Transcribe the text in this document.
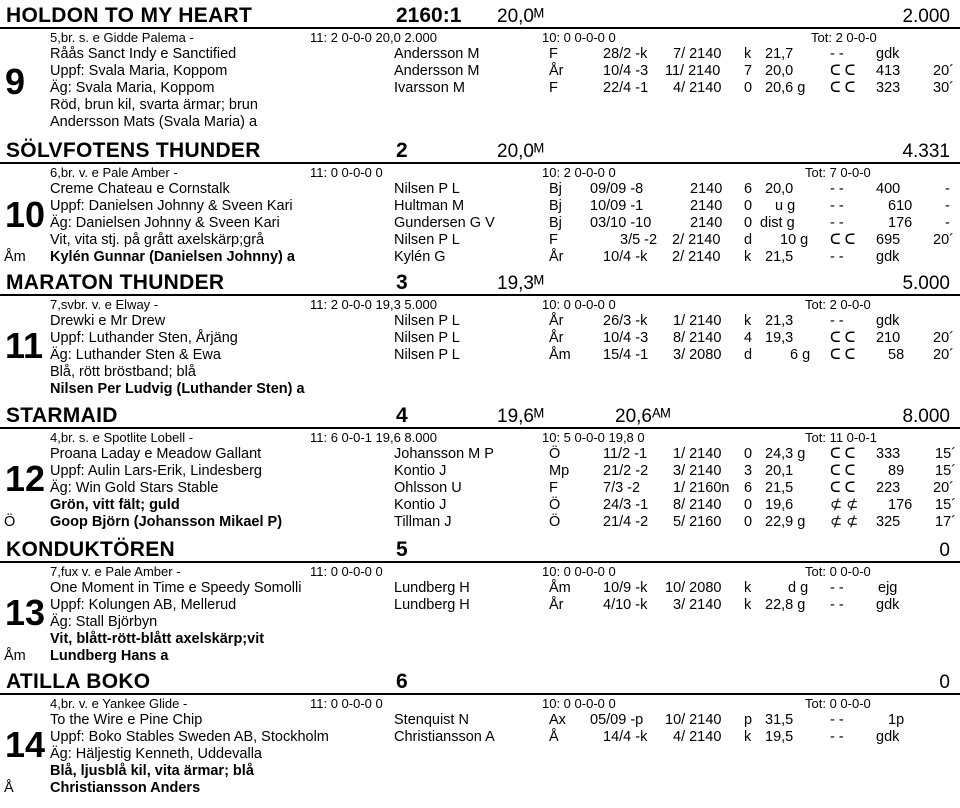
HOLDON TO MY HEART	2160:1 20,0ᴹ	2.000
5,br. s. e Gidde Palema -	11: 2 0-0-0 20,0 2.000	10: 0 0-0-0 0	Tot: 2 0-0-0
9
Råås Sanct Indy e Sanctified	Andersson M	F	28/2 -k 7/ 2140 k 21,7	- - gdk
Uppf: Svala Maria, Koppom	Andersson M	År	10/4 -3 11/ 2140 7 20,0	ᑕ ᑕ 413 20´
Äg: Svala Maria, Koppom	Ivarsson M	F	22/4 -1 4/ 2140 0 20,6 g ᑕ ᑕ 323 30´
Röd, brun kil, svarta ärmar; brun
Andersson Mats (Svala Maria) a
SÖLVFOTENS THUNDER	2	20,0ᴹ	4.331
6,br. v. e Pale Amber -	11: 0 0-0-0 0	10: 2 0-0-0 0	Tot: 7 0-0-0
10
Creme Chateau e Cornstalk	Nilsen P L	Bj 09/09 -8	2140 6 20,0	- - 400	-
Uppf: Danielsen Johnny & Sveen Kari	Hultman M	Bj 10/09 -1	2140 0 u g - -	610 -
Äg: Danielsen Johnny & Sveen Kari	Gundersen G V	Bj 03/10 -10	2140 0 dist g - -	176 -
Vit, vita stj. på grått axelskärp;grå	Nilsen P L	F	3/5 -2 2/ 2140 d 10 g ᑕ ᑕ 695 20´
Åm Kylén Gunnar (Danielsen Johnny) a	Kylén G	År	10/4 -k 2/ 2140 k 21,5	- - gdk
MARATON THUNDER	3	19,3ᴹ	5.000
7,svbr. v. e Elway -	11: 2 0-0-0 19,3 5.000	10: 0 0-0-0 0	Tot: 2 0-0-0
11
Drewki e Mr Drew	Nilsen P L	År	26/3 -k 1/ 2140 k 21,3	- - gdk
Uppf: Luthander Sten, Årjäng	Nilsen P L	År	10/4 -3 8/ 2140 4 19,3	ᑕ ᑕ 210 20´
Äg: Luthander Sten & Ewa	Nilsen P L	Åm 15/4 -1 3/ 2080 d	6 g ᑕ ᑕ 58 20´
Blå, rött bröstband; blå
Nilsen Per Ludvig (Luthander Sten) a
STARMAID	4	19,6ᴹ	20,6ᴬᴹ	8.000
4,br. s. e Spotlite Lobell -	11: 6 0-0-1 19,6 8.000	10: 5 0-0-0 19,8 0	Tot: 11 0-0-1
12
Proana Laday e Meadow Gallant	Johansson M P	Ö	11/2 -1 1/ 2140 0 24,3 g ᑕ ᑕ 333 15´
Uppf: Aulin Lars-Erik, Lindesberg	Kontio J	Mp 21/2 -2 3/ 2140 3 20,1	ᑕ ᑕ 89 15´
Äg: Win Gold Stars Stable	Ohlsson U	F	7/3 -2 1/ 2160n 6 21,5	ᑕ ᑕ 223 20´
Grön, vitt fält; guld	Kontio J	Ö	24/3 -1 8/ 2140 0 19,6	⊄ ⊄ 176 15´
Ö Goop Björn (Johansson Mikael P)	Tillman J	Ö	21/4 -2 5/ 2160 0 22,9 g ⊄ ⊄ 325 17´
KONDUKTÖREN	5	0
7,fux v. e Pale Amber -	11: 0 0-0-0 0	10: 0 0-0-0 0	Tot: 0 0-0-0
13
One Moment in Time e Speedy Somolli	Lundberg H	Åm 10/9 -k 10/ 2080 k	d g - - ejg
Uppf: Kolungen AB, Mellerud	Lundberg H	År	4/10 -k 3/ 2140 k 22,8 g - - gdk
Äg: Stall Björbyn
Vit, blått-rött-blått axelskärp;vit
Åm Lundberg Hans a
ATILLA BOKO	6	0
4,br. v. e Yankee Glide -	11: 0 0-0-0 0	10: 0 0-0-0 0	Tot: 0 0-0-0
14
To the Wire e Pine Chip	Stenquist N	Ax 05/09 -p 10/ 2140 p 31,5	- -	1p
Uppf: Boko Stables Sweden AB, Stockholm	Christiansson A	Å	14/4 -k 4/ 2140 k 19,5	- - gdk
Äg: Häljestig Kenneth, Uddevalla
Blå, ljusblå kil, vita ärmar; blå
Å	Christiansson Anders
